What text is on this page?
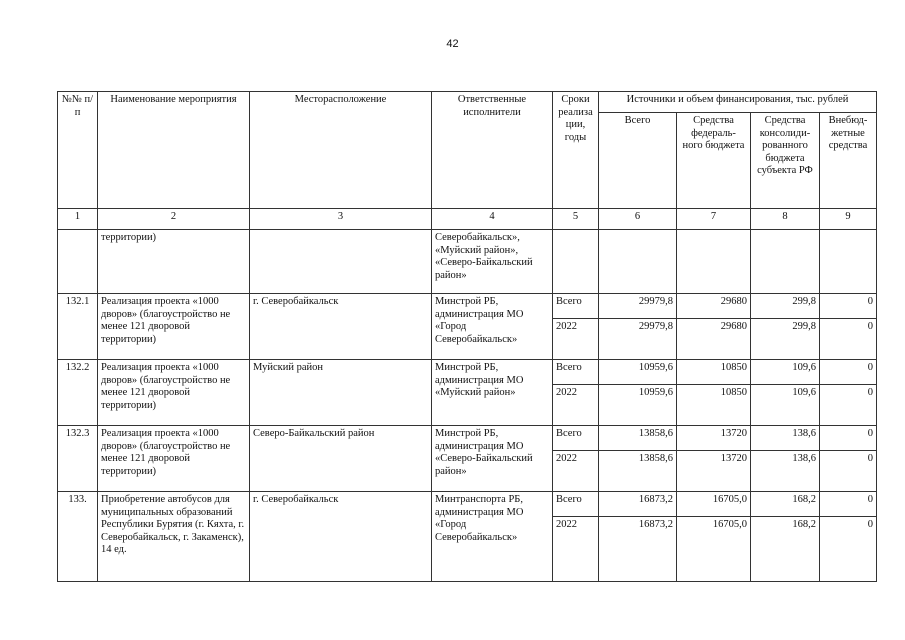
42
№№ п/п	Наименование мероприятия	Месторасположение	Ответственные исполнители	Сроки реализа ции, годы	Источники и объем финансирования, тыс. рублей			
					Всего	Средства федераль- ного бюджета	Средства консолиди- рованного бюджета субъекта РФ	Внебюд- жетные средства
1	2	3	4	5	6	7	8	9
	территории)		Северобайкальск», «Муйский район», «Северо-Байкальский район»					
132.1	Реализация проекта «1000 дворов» (благоустройство не менее 121 дворовой территории)	г. Северобайкальск	Минстрой РБ, администрация МО «Город Северобайкальск»	Всего	29979,8	29680	299,8	0
				2022	29979,8	29680	299,8	0
132.2	Реализация проекта «1000 дворов» (благоустройство не менее 121 дворовой территории)	Муйский район	Минстрой РБ, администрация МО «Муйский район»	Всего	10959,6	10850	109,6	0
				2022	10959,6	10850	109,6	0
132.3	Реализация проекта «1000 дворов» (благоустройство не менее 121 дворовой территории)	Северо-Байкальский район	Минстрой РБ, администрация МО «Северо-Байкальский район»	Всего	13858,6	13720	138,6	0
				2022	13858,6	13720	138,6	0
133.	Приобретение автобусов для муниципальных образований Республики Бурятия (г. Кяхта, г. Северобайкальск, г. Закаменск), 14 ед.	г. Северобайкальск	Минтранспорта РБ, администрация МО «Город Северобайкальск»	Всего	16873,2	16705,0	168,2	0
				2022	16873,2	16705,0	168,2	0
